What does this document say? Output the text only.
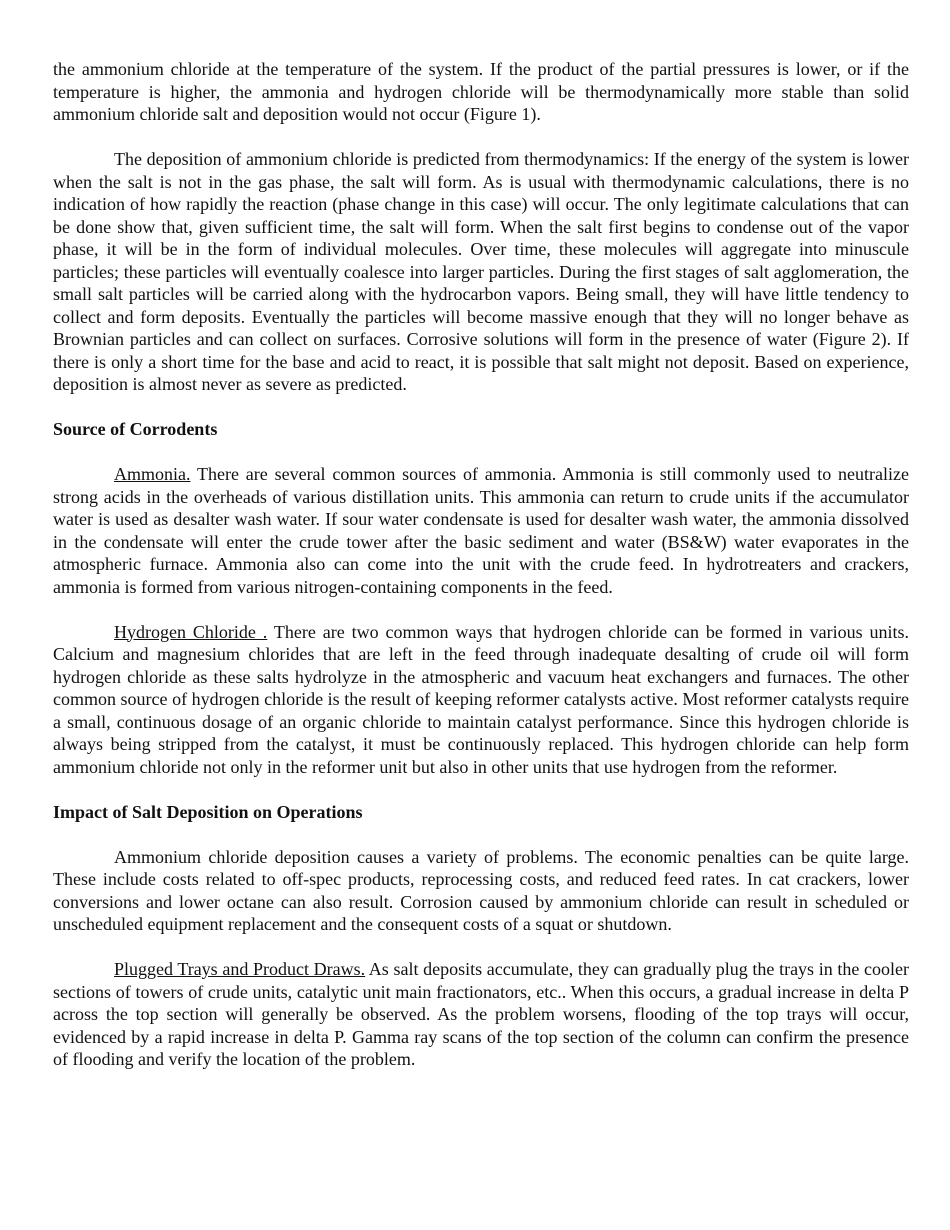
the ammonium chloride at the temperature of the system. If the product of the partial pressures is lower, or if the temperature is higher, the ammonia and hydrogen chloride will be thermodynamically more stable than solid ammonium chloride salt and deposition would not occur (Figure 1).

The deposition of ammonium chloride is predicted from thermodynamics: If the energy of the system is lower when the salt is not in the gas phase, the salt will form. As is usual with thermodynamic calculations, there is no indication of how rapidly the reaction (phase change in this case) will occur. The only legitimate calculations that can be done show that, given sufficient time, the salt will form. When the salt first begins to condense out of the vapor phase, it will be in the form of individual molecules. Over time, these molecules will aggregate into minuscule particles; these particles will eventually coalesce into larger particles. During the first stages of salt agglomeration, the small salt particles will be carried along with the hydrocarbon vapors. Being small, they will have little tendency to collect and form deposits. Eventually the particles will become massive enough that they will no longer behave as Brownian particles and can collect on surfaces. Corrosive solutions will form in the presence of water (Figure 2). If there is only a short time for the base and acid to react, it is possible that salt might not deposit. Based on experience, deposition is almost never as severe as predicted.

Source of Corrodents

Ammonia. There are several common sources of ammonia. Ammonia is still commonly used to neutralize strong acids in the overheads of various distillation units. This ammonia can return to crude units if the accumulator water is used as desalter wash water. If sour water condensate is used for desalter wash water, the ammonia dissolved in the condensate will enter the crude tower after the basic sediment and water (BS&W) water evaporates in the atmospheric furnace. Ammonia also can come into the unit with the crude feed. In hydrotreaters and crackers, ammonia is formed from various nitrogen-containing components in the feed.

Hydrogen Chloride . There are two common ways that hydrogen chloride can be formed in various units. Calcium and magnesium chlorides that are left in the feed through inadequate desalting of crude oil will form hydrogen chloride as these salts hydrolyze in the atmospheric and vacuum heat exchangers and furnaces. The other common source of hydrogen chloride is the result of keeping reformer catalysts active. Most reformer catalysts require a small, continuous dosage of an organic chloride to maintain catalyst performance. Since this hydrogen chloride is always being stripped from the catalyst, it must be continuously replaced. This hydrogen chloride can help form ammonium chloride not only in the reformer unit but also in other units that use hydrogen from the reformer.

Impact of Salt Deposition on Operations

Ammonium chloride deposition causes a variety of problems. The economic penalties can be quite large. These include costs related to off-spec products, reprocessing costs, and reduced feed rates. In cat crackers, lower conversions and lower octane can also result. Corrosion caused by ammonium chloride can result in scheduled or unscheduled equipment replacement and the consequent costs of a squat or shutdown.

Plugged Trays and Product Draws. As salt deposits accumulate, they can gradually plug the trays in the cooler sections of towers of crude units, catalytic unit main fractionators, etc.. When this occurs, a gradual increase in delta P across the top section will generally be observed. As the problem worsens, flooding of the top trays will occur, evidenced by a rapid increase in delta P. Gamma ray scans of the top section of the column can confirm the presence of flooding and verify the location of the problem.
